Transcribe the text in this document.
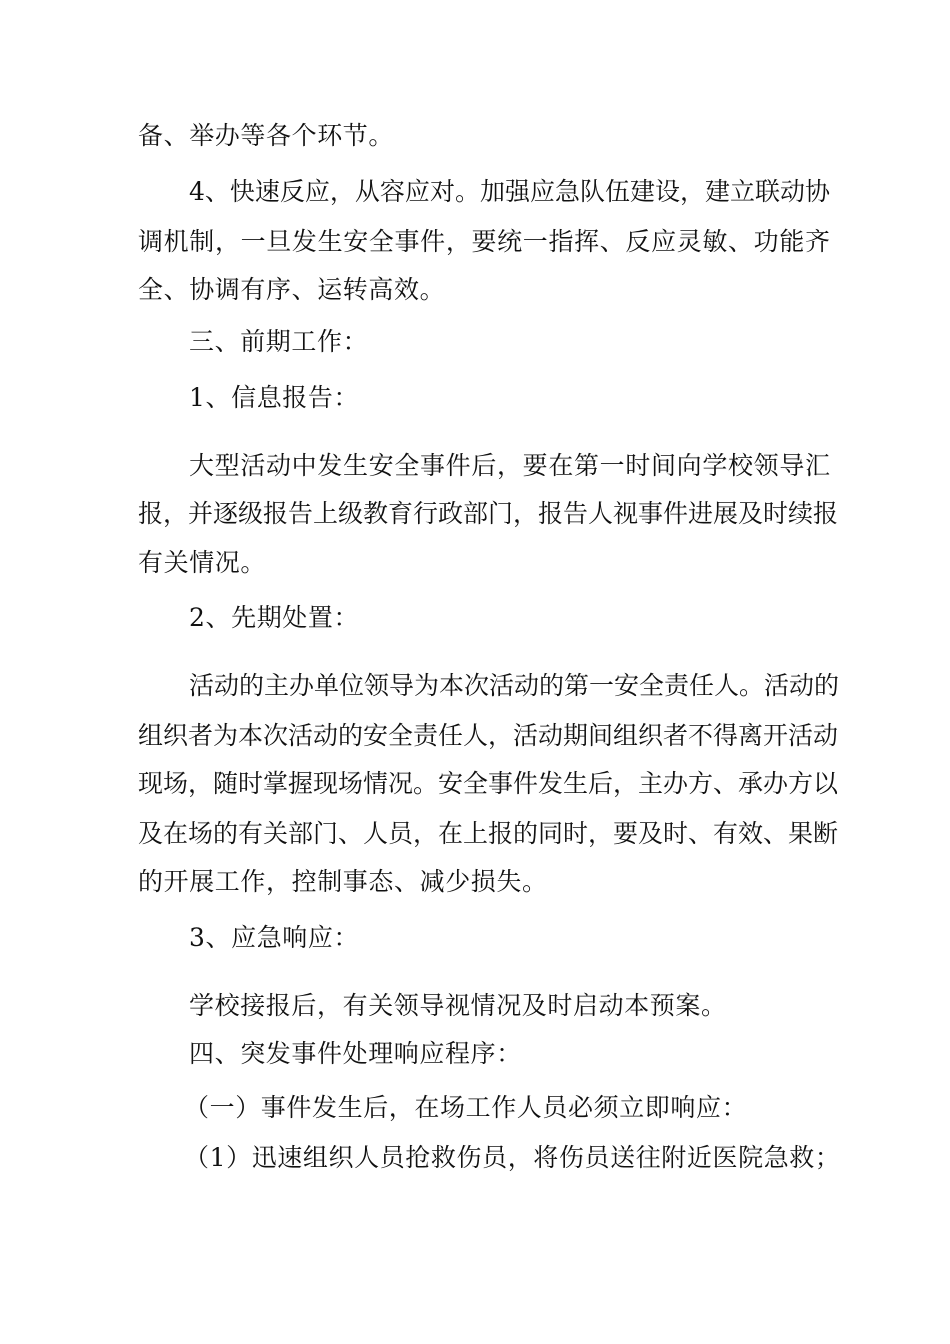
备、举办等各个环节。
4、快速反应，从容应对。加强应急队伍建设，建立联动协
调机制，一旦发生安全事件，要统一指挥、反应灵敏、功能齐
全、协调有序、运转高效。
三、前期工作：
1、信息报告：
大型活动中发生安全事件后，要在第一时间向学校领导汇
报，并逐级报告上级教育行政部门，报告人视事件进展及时续报
有关情况。
2、先期处置：
活动的主办单位领导为本次活动的第一安全责任人。活动的
组织者为本次活动的安全责任人，活动期间组织者不得离开活动
现场，随时掌握现场情况。安全事件发生后，主办方、承办方以
及在场的有关部门、人员，在上报的同时，要及时、有效、果断
的开展工作，控制事态、减少损失。
3、应急响应：
学校接报后，有关领导视情况及时启动本预案。
四、突发事件处理响应程序：
（一）事件发生后，在场工作人员必须立即响应：
（1）迅速组织人员抢救伤员，将伤员送往附近医院急救；
